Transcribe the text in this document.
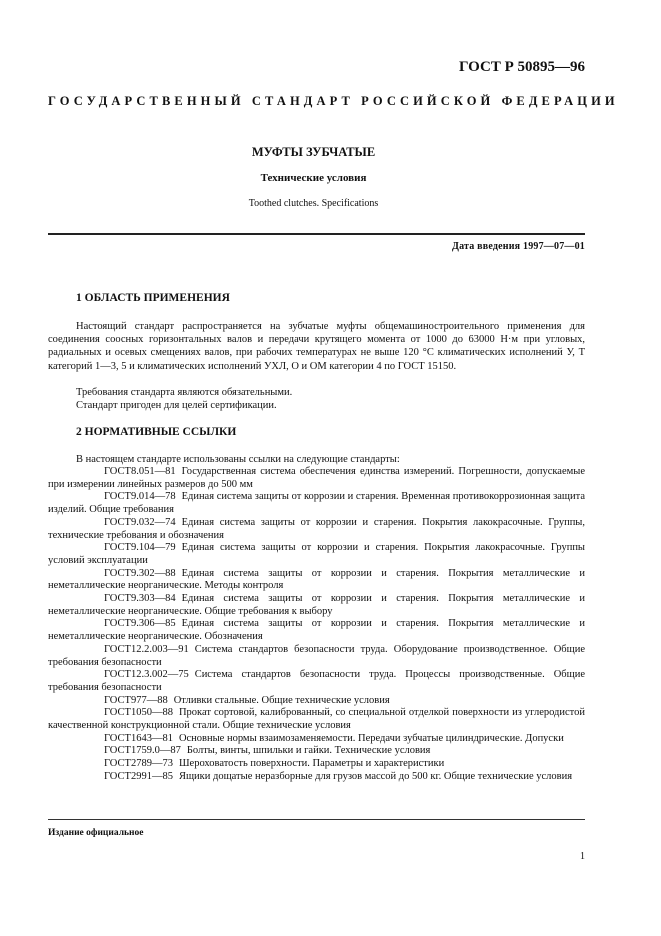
ГОСТ Р 50895—96
ГОСУДАРСТВЕННЫЙ СТАНДАРТ РОССИЙСКОЙ ФЕДЕРАЦИИ
МУФТЫ ЗУБЧАТЫЕ
Технические условия
Toothed clutches. Specifications
Дата введения 1997—07—01
1 ОБЛАСТЬ ПРИМЕНЕНИЯ
Настоящий стандарт распространяется на зубчатые муфты общемашиностроительного применения для соединения соосных горизонтальных валов и передачи крутящего момента от 1000 до 63000 Н·м при угловых, радиальных и осевых смещениях валов, при рабочих температурах не выше 120 °С климатических исполнений У, Т категорий 1—3, 5 и климатических исполнений УХЛ, О и ОМ категории 4 по ГОСТ 15150.
Требования стандарта являются обязательными.
Стандарт пригоден для целей сертификации.
2 НОРМАТИВНЫЕ ССЫЛКИ
В настоящем стандарте использованы ссылки на следующие стандарты:
ГОСТ8.051—81 Государственная система обеспечения единства измерений. Погрешности, допускаемые при измерении линейных размеров до 500 мм
ГОСТ9.014—78 Единая система защиты от коррозии и старения. Временная противокоррозионная защита изделий. Общие требования
ГОСТ9.032—74 Единая система защиты от коррозии и старения. Покрытия лакокрасочные. Группы, технические требования и обозначения
ГОСТ9.104—79 Единая система защиты от коррозии и старения. Покрытия лакокрасочные. Группы условий эксплуатации
ГОСТ9.302—88 Единая система защиты от коррозии и старения. Покрытия металлические и неметаллические неорганические. Методы контроля
ГОСТ9.303—84 Единая система защиты от коррозии и старения. Покрытия металлические и неметаллические неорганические. Общие требования к выбору
ГОСТ9.306—85 Единая система защиты от коррозии и старения. Покрытия металлические и неметаллические неорганические. Обозначения
ГОСТ12.2.003—91 Система стандартов безопасности труда. Оборудование производственное. Общие требования безопасности
ГОСТ12.3.002—75 Система стандартов безопасности труда. Процессы производственные. Общие требования безопасности
ГОСТ977—88 Отливки стальные. Общие технические условия
ГОСТ1050—88 Прокат сортовой, калиброванный, со специальной отделкой поверхности из углеродистой качественной конструкционной стали. Общие технические условия
ГОСТ1643—81 Основные нормы взаимозаменяемости. Передачи зубчатые цилиндрические. Допуски
ГОСТ1759.0—87 Болты, винты, шпильки и гайки. Технические условия
ГОСТ2789—73 Шероховатость поверхности. Параметры и характеристики
ГОСТ2991—85 Ящики дощатые неразборные для грузов массой до 500 кг. Общие технические условия
Издание официальное
1
